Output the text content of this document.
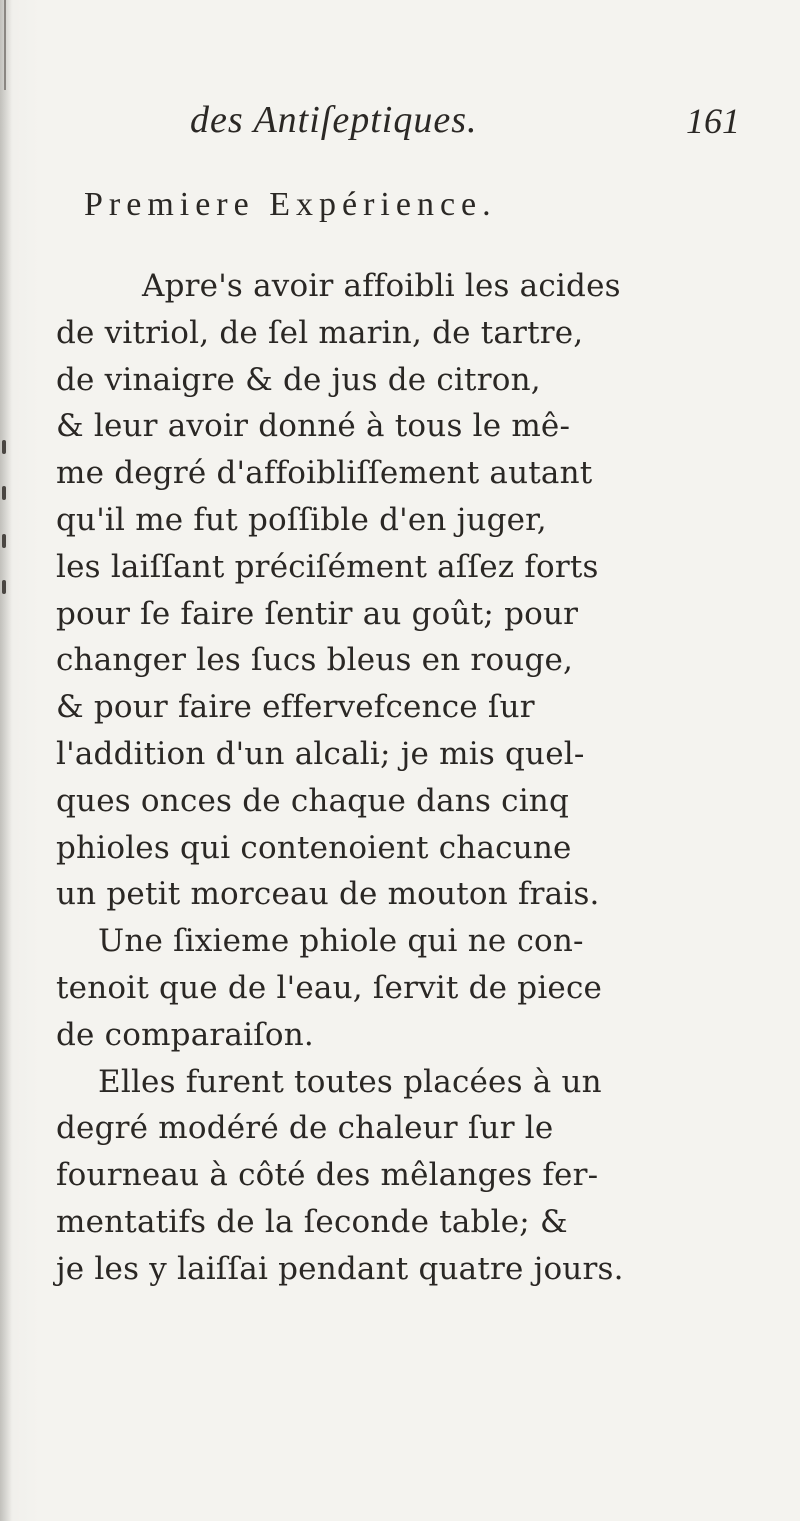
des Antiſeptiques.	161
Premiere Expérience.
Apre's avoir affoibli les acides
de vitriol, de ſel marin, de tartre,
de vinaigre & de jus de citron,
& leur avoir donné à tous le mê-
me degré d'affoibliſſement autant
qu'il me fut poſſible d'en juger,
les laiſſant préciſément aſſez forts
pour ſe faire ſentir au goût; pour
changer les ſucs bleus en rouge,
& pour faire effervefcence ſur
l'addition d'un alcali; je mis quel-
ques onces de chaque dans cinq
phioles qui contenoient chacune
un petit morceau de mouton frais.
Une ſixieme phiole qui ne con-
tenoit que de l'eau, ſervit de piece
de comparaiſon.
Elles furent toutes placées à un
degré modéré de chaleur ſur le
fourneau à côté des mêlanges fer-
mentatifs de la ſeconde table; &
je les y laiſſai pendant quatre jours.
